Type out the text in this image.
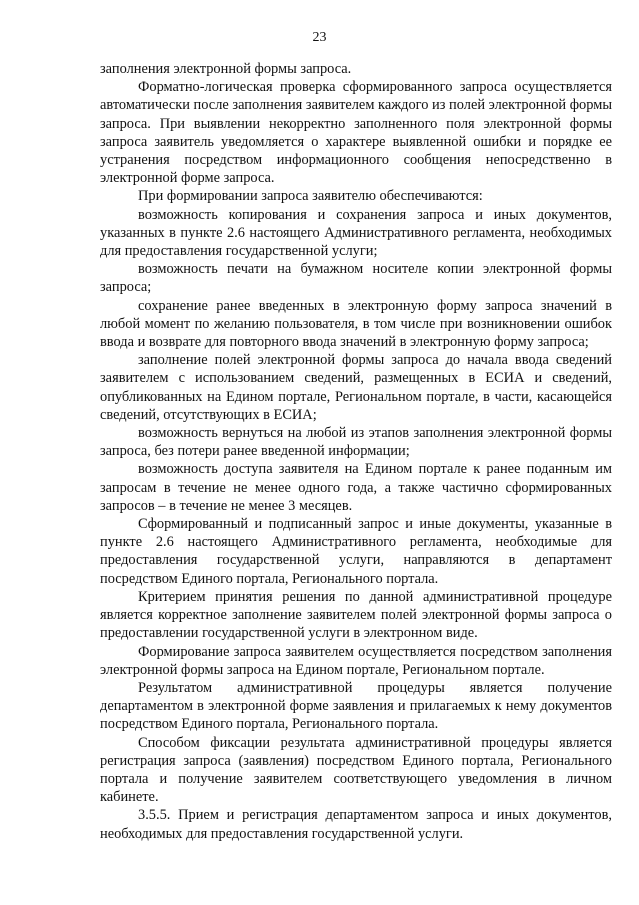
23

заполнения электронной формы запроса.

Форматно-логическая проверка сформированного запроса осуществляется автоматически после заполнения заявителем каждого из полей электронной формы запроса. При выявлении некорректно заполненного поля электронной формы запроса заявитель уведомляется о характере выявленной ошибки и порядке ее устранения посредством информационного сообщения непосредственно в электронной форме запроса.

При формировании запроса заявителю обеспечиваются:

возможность копирования и сохранения запроса и иных документов, указанных в пункте 2.6 настоящего Административного регламента, необходимых для предоставления государственной услуги;

возможность печати на бумажном носителе копии электронной формы запроса;

сохранение ранее введенных в электронную форму запроса значений в любой момент по желанию пользователя, в том числе при возникновении ошибок ввода и возврате для повторного ввода значений в электронную форму запроса;

заполнение полей электронной формы запроса до начала ввода сведений заявителем с использованием сведений, размещенных в ЕСИА и сведений, опубликованных на Едином портале, Региональном портале, в части, касающейся сведений, отсутствующих в ЕСИА;

возможность вернуться на любой из этапов заполнения электронной формы запроса, без потери ранее введенной информации;

возможность доступа заявителя на Едином портале к ранее поданным им запросам в течение не менее одного года, а также частично сформированных запросов – в течение не менее 3 месяцев.

Сформированный и подписанный запрос и иные документы, указанные в пункте 2.6 настоящего Административного регламента, необходимые для предоставления государственной услуги, направляются в департамент посредством Единого портала, Регионального портала.

Критерием принятия решения по данной административной процедуре является корректное заполнение заявителем полей электронной формы запроса о предоставлении государственной услуги в электронном виде.

Формирование запроса заявителем осуществляется посредством заполнения электронной формы запроса на Едином портале, Региональном портале.

Результатом административной процедуры является получение департаментом в электронной форме заявления и прилагаемых к нему документов посредством Единого портала, Регионального портала.

Способом фиксации результата административной процедуры является регистрация запроса (заявления) посредством Единого портала, Регионального портала и получение заявителем соответствующего уведомления в личном кабинете.

3.5.5. Прием и регистрация департаментом запроса и иных документов, необходимых для предоставления государственной услуги.
